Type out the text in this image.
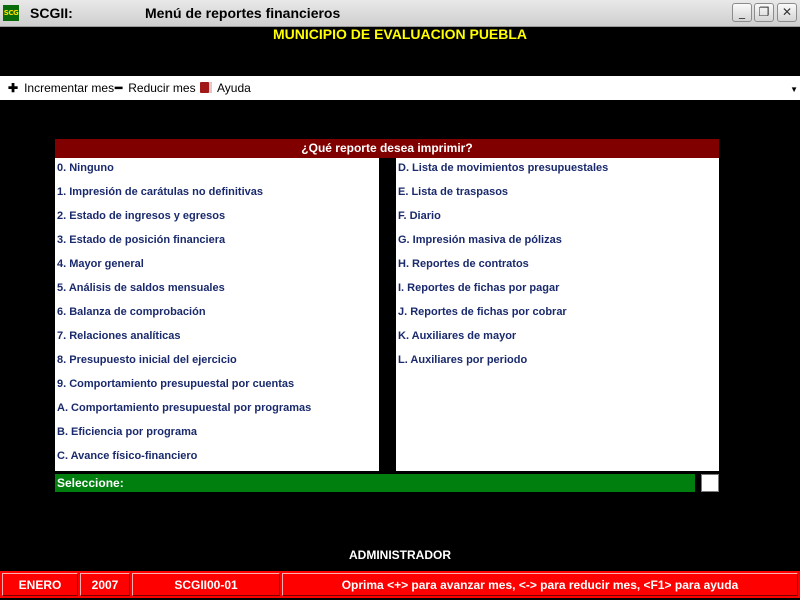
SCG SCGII:	Menú de reportes financieros	_	❐	✕
MUNICIPIO DE EVALUACION PUEBLA
✚ Incrementar mes ━ Reducir mes	Ayuda	▼
¿Qué reporte desea imprimir?
0. Ninguno
1. Impresión de carátulas no definitivas
2. Estado de ingresos y egresos
3. Estado de posición financiera
4. Mayor general
5. Análisis de saldos mensuales
6. Balanza de comprobación
7. Relaciones analíticas
8. Presupuesto inicial del ejercicio
9. Comportamiento presupuestal por cuentas
A. Comportamiento presupuestal por programas
B. Eficiencia por programa
C. Avance físico-financiero
D. Lista de movimientos presupuestales
E. Lista de traspasos
F. Diario
G. Impresión masiva de pólizas
H. Reportes de contratos
I. Reportes de fichas por pagar
J. Reportes de fichas por cobrar
K. Auxiliares de mayor
L. Auxiliares por periodo
Seleccione:
ADMINISTRADOR
ENERO	2007	SCGII00-01	Oprima <+> para avanzar mes, <-> para reducir mes, <F1> para ayuda
